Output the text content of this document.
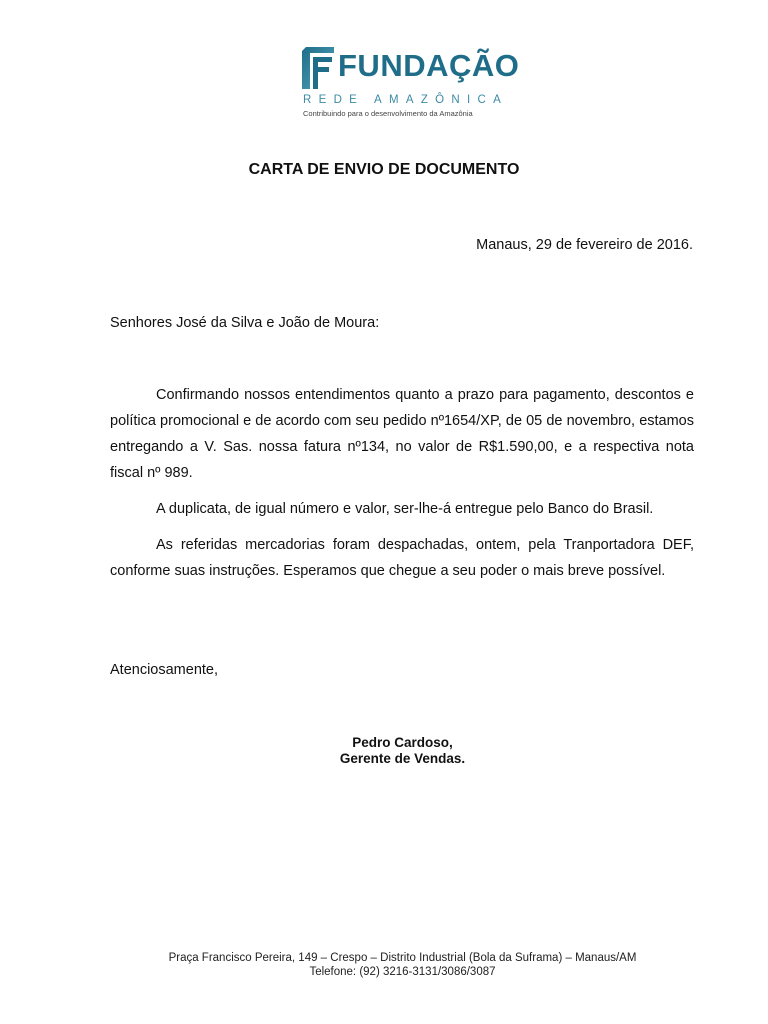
FUNDAÇÃO
REDE AMAZÔNICA
Contribuindo para o desenvolvimento da Amazônia
CARTA DE ENVIO DE DOCUMENTO
Manaus, 29 de fevereiro de 2016.
Senhores José da Silva e João de Moura:

Confirmando nossos entendimentos quanto a prazo para pagamento, descontos e política promocional e de acordo com seu pedido nº1654/XP, de 05 de novembro, estamos entregando a V. Sas. nossa fatura nº134, no valor de R$1.590,00, e a respectiva nota fiscal nº 989.

A duplicata, de igual número e valor, ser-lhe-á entregue pelo Banco do Brasil.

As referidas mercadorias foram despachadas, ontem, pela Tranportadora DEF, conforme suas instruções. Esperamos que chegue a seu poder o mais breve possível.

Atenciosamente,
Pedro Cardoso,
Gerente de Vendas.
Praça Francisco Pereira, 149 – Crespo – Distrito Industrial (Bola da Suframa) – Manaus/AM
Telefone: (92) 3216-3131/3086/3087
